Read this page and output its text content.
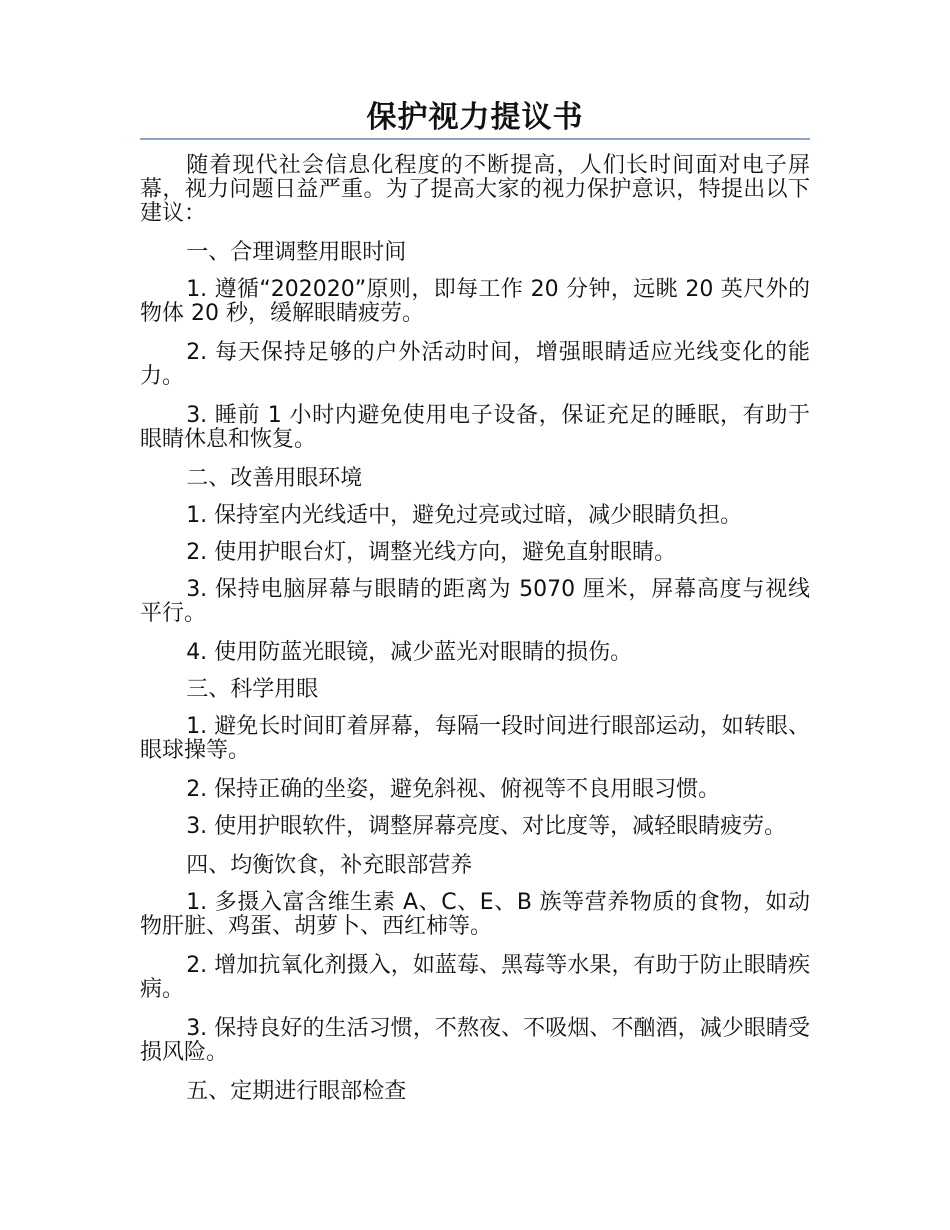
保护视力提议书

随着现代社会信息化程度的不断提高，人们长时间面对电子屏幕，视力问题日益严重。为了提高大家的视力保护意识，特提出以下建议：

一、合理调整用眼时间

1. 遵循“202020”原则，即每工作 20 分钟，远眺 20 英尺外的物体 20 秒，缓解眼睛疲劳。

2. 每天保持足够的户外活动时间，增强眼睛适应光线变化的能力。

3. 睡前 1 小时内避免使用电子设备，保证充足的睡眠，有助于眼睛休息和恢复。

二、改善用眼环境

1. 保持室内光线适中，避免过亮或过暗，减少眼睛负担。

2. 使用护眼台灯，调整光线方向，避免直射眼睛。

3. 保持电脑屏幕与眼睛的距离为 5070 厘米，屏幕高度与视线平行。

4. 使用防蓝光眼镜，减少蓝光对眼睛的损伤。

三、科学用眼

1. 避免长时间盯着屏幕，每隔一段时间进行眼部运动，如转眼、眼球操等。

2. 保持正确的坐姿，避免斜视、俯视等不良用眼习惯。

3. 使用护眼软件，调整屏幕亮度、对比度等，减轻眼睛疲劳。

四、均衡饮食，补充眼部营养

1. 多摄入富含维生素 A、C、E、B 族等营养物质的食物，如动物肝脏、鸡蛋、胡萝卜、西红柿等。

2. 增加抗氧化剂摄入，如蓝莓、黑莓等水果，有助于防止眼睛疾病。

3. 保持良好的生活习惯，不熬夜、不吸烟、不酗酒，减少眼睛受损风险。

五、定期进行眼部检查
